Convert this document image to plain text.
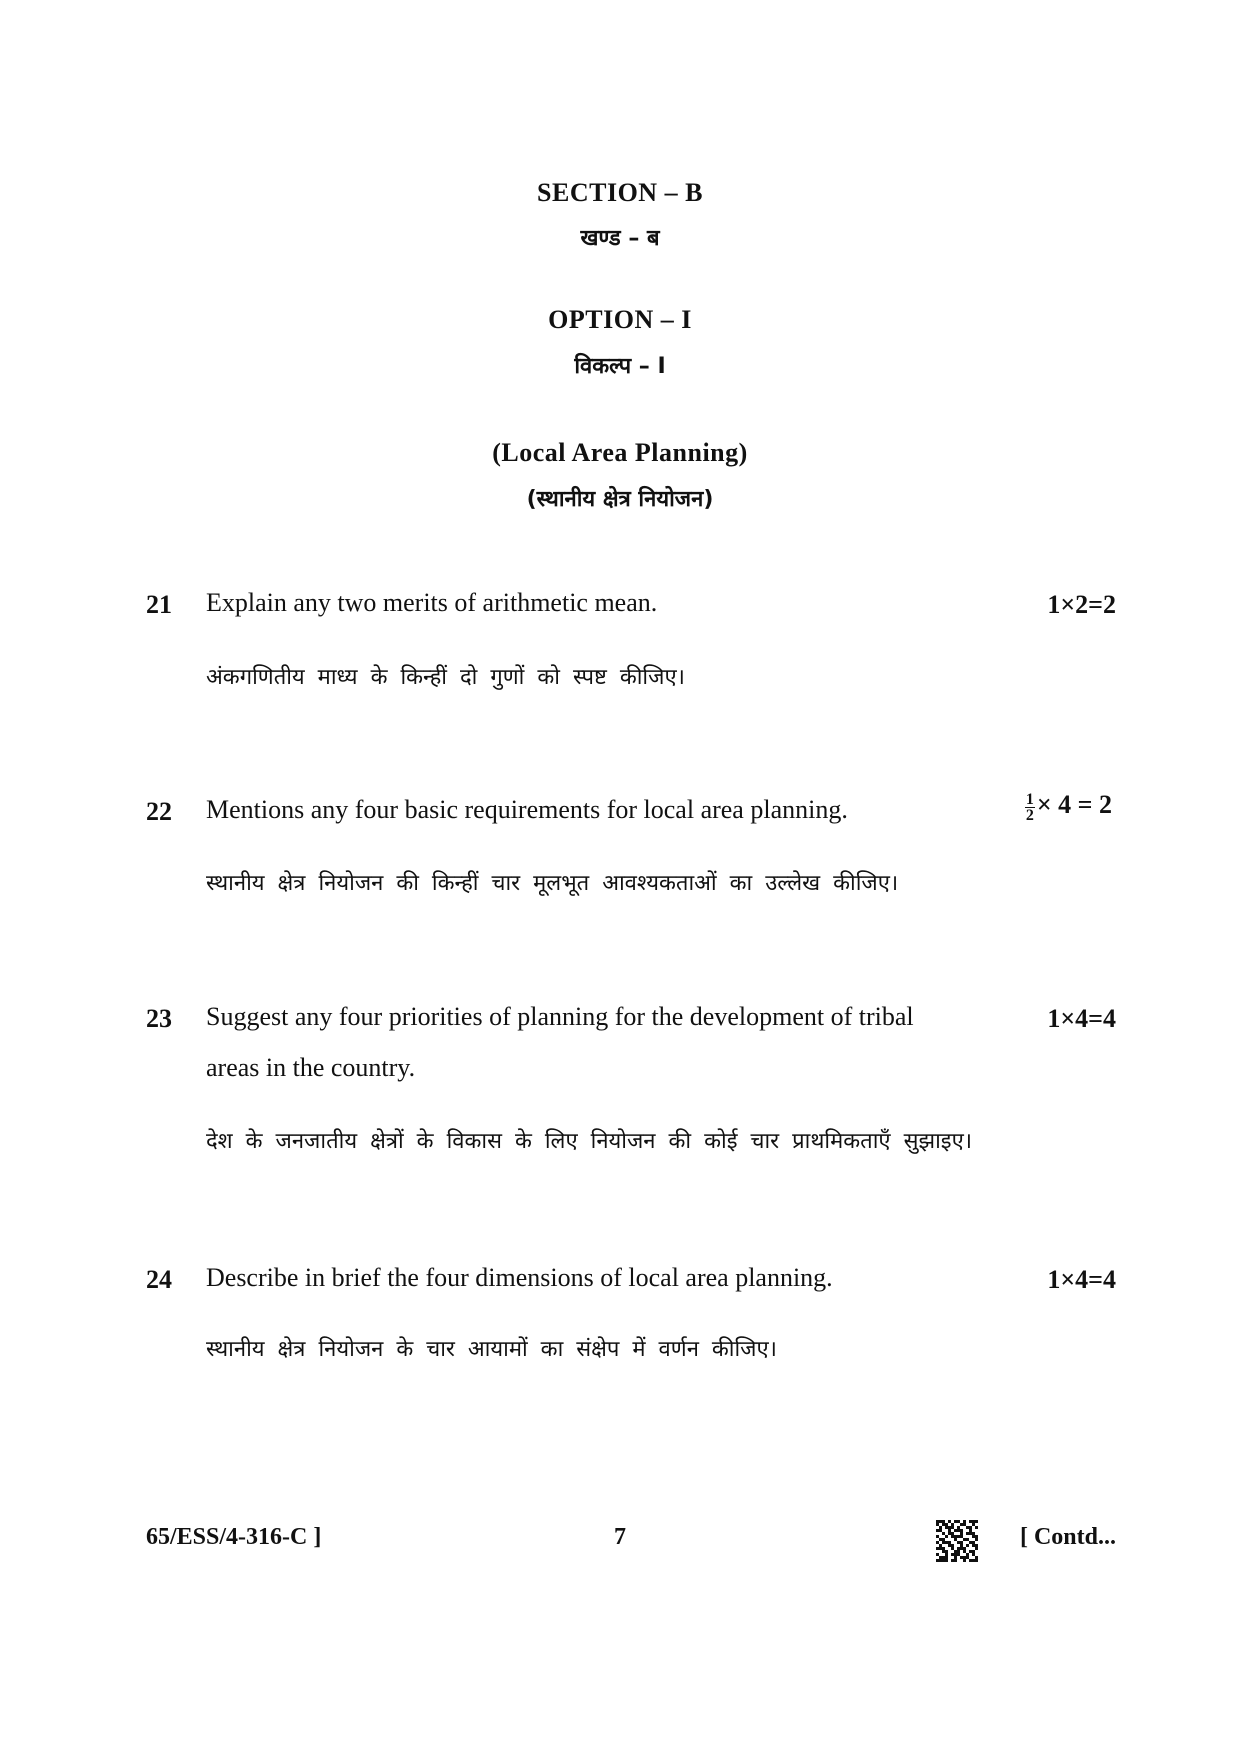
SECTION – B
खण्ड – ब
OPTION – I
विकल्प – I
(Local Area Planning)
(स्थानीय क्षेत्र नियोजन)
21 Explain any two merits of arithmetic mean.	1×2=2
अंकगणितीय माध्य के किन्हीं दो गुणों को स्पष्ट कीजिए।
22 Mentions any four basic requirements for local area planning.	$\frac{1}{2} \times 4 = 2$
स्थानीय क्षेत्र नियोजन की किन्हीं चार मूलभूत आवश्यकताओं का उल्लेख कीजिए।
23 Suggest any four priorities of planning for the development of tribal
areas in the country.
1×4=4
देश के जनजातीय क्षेत्रों के विकास के लिए नियोजन की कोई चार प्राथमिकताएँ सुझाइए।
24 Describe in brief the four dimensions of local area planning.	1×4=4
स्थानीय क्षेत्र नियोजन के चार आयामों का संक्षेप में वर्णन कीजिए।
65/ESS/4-316-C ]	7	[ Contd...
